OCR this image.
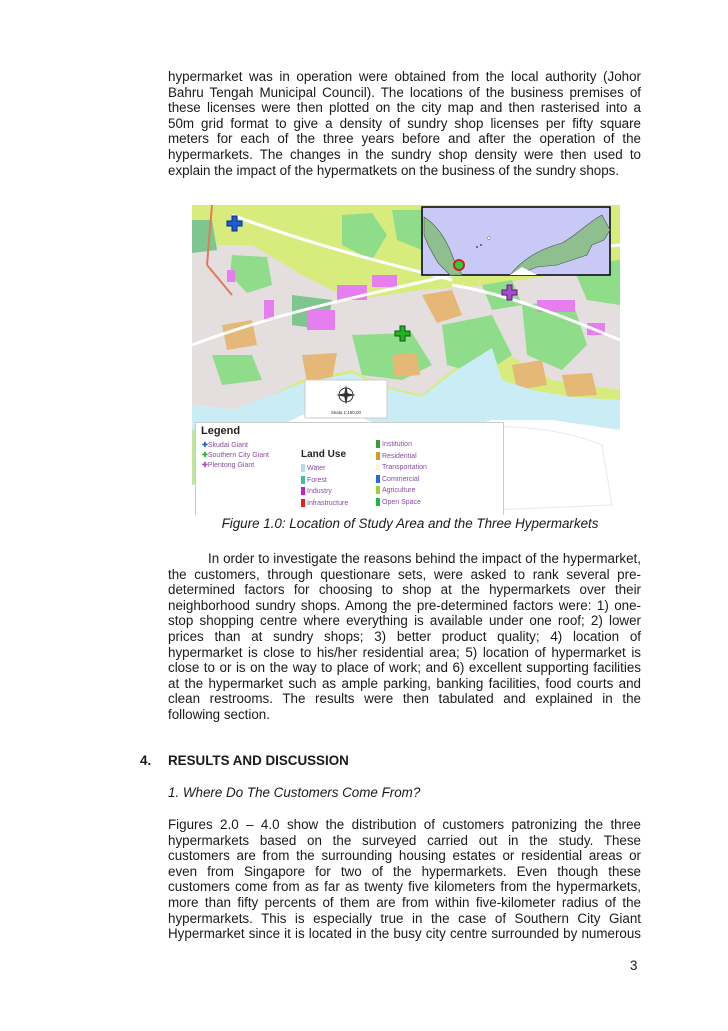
hypermarket was in operation were obtained from the local authority (Johor
Bahru Tengah Municipal Council). The locations of the business premises of
these licenses were then plotted on the city map and then rasterised into a
50m grid format to give a density of sundry shop licenses per fifty square
meters for each of the three years before and after the operation of the
hypermarkets. The changes in the sundry shop density were then used to
explain the impact of the hypermatkets on the business of the sundry shops.
Skala 1:150,00
Legend
✚Skudai Giant
✚Southern City Giant
✚Plentong Giant
Land Use
Water
Forest
Industry
Infrastructure
Institution
Residential
Transportation
Commercial
Agriculture
Open Space
Figure 1.0: Location of Study Area and the Three Hypermarkets
In order to investigate the reasons behind the impact of the hypermarket,
the customers, through questionare sets, were asked to rank several pre-
determined factors for choosing to shop at the hypermarkets over their
neighborhood sundry shops. Among the pre-determined factors were: 1) one-
stop shopping centre where everything is available under one roof; 2) lower
prices than at sundry shops; 3) better product quality; 4) location of
hypermarket is close to his/her residential area; 5) location of hypermarket is
close to or is on the way to place of work; and 6) excellent supporting facilities
at the hypermarket such as ample parking, banking facilities, food courts and
clean restrooms. The results were then tabulated and explained in the
following section.
4. RESULTS AND DISCUSSION
1. Where Do The Customers Come From?
Figures 2.0 – 4.0 show the distribution of customers patronizing the three
hypermarkets based on the surveyed carried out in the study. These
customers are from the surrounding housing estates or residential areas or
even from Singapore for two of the hypermarkets. Even though these
customers come from as far as twenty five kilometers from the hypermarkets,
more than fifty percents of them are from within five-kilometer radius of the
hypermarkets. This is especially true in the case of Southern City Giant
Hypermarket since it is located in the busy city centre surrounded by numerous
3
